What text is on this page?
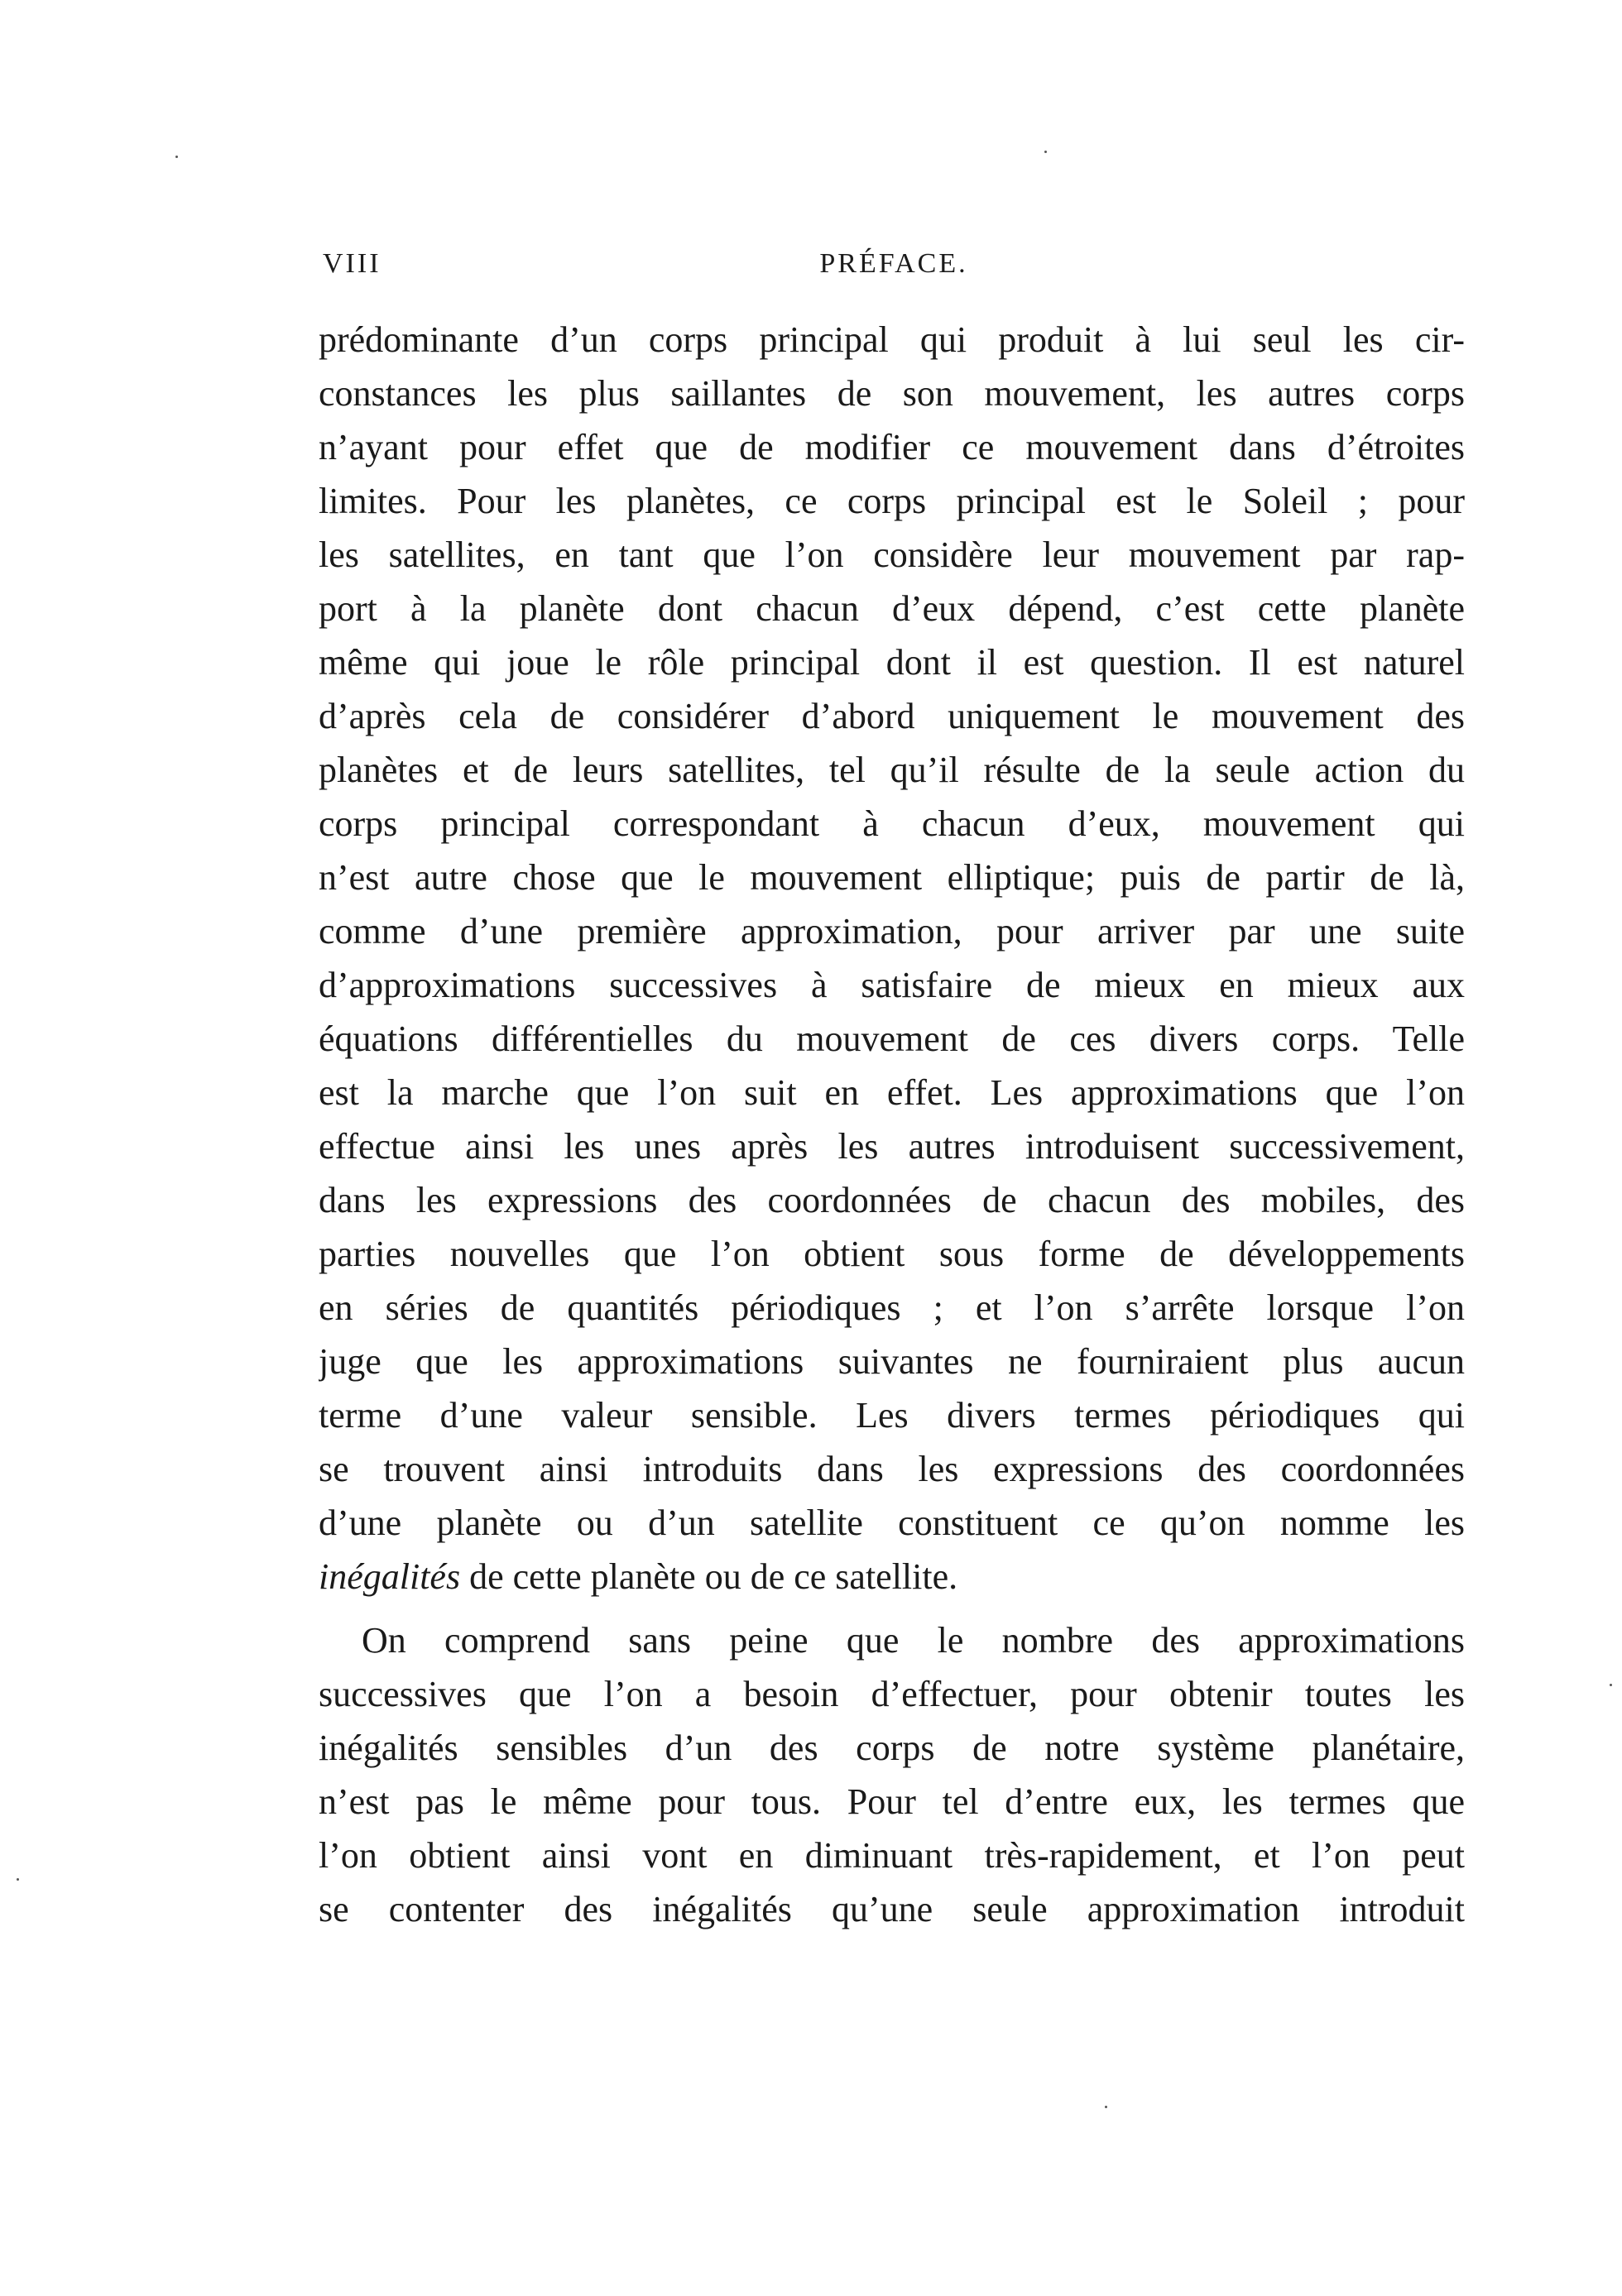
VIII	PRÉFACE.
prédominante d’un corps principal qui produit à lui seul les cir-
constances les plus saillantes de son mouvement, les autres corps
n’ayant pour effet que de modifier ce mouvement dans d’étroites
limites. Pour les planètes, ce corps principal est le Soleil ; pour
les satellites, en tant que l’on considère leur mouvement par rap-
port à la planète dont chacun d’eux dépend, c’est cette planète
même qui joue le rôle principal dont il est question. Il est naturel
d’après cela de considérer d’abord uniquement le mouvement des
planètes et de leurs satellites, tel qu’il résulte de la seule action du
corps principal correspondant à chacun d’eux, mouvement qui
n’est autre chose que le mouvement elliptique; puis de partir de là,
comme d’une première approximation, pour arriver par une suite
d’approximations successives à satisfaire de mieux en mieux aux
équations différentielles du mouvement de ces divers corps. Telle
est la marche que l’on suit en effet. Les approximations que l’on
effectue ainsi les unes après les autres introduisent successivement,
dans les expressions des coordonnées de chacun des mobiles, des
parties nouvelles que l’on obtient sous forme de développements
en séries de quantités périodiques ; et l’on s’arrête lorsque l’on
juge que les approximations suivantes ne fourniraient plus aucun
terme d’une valeur sensible. Les divers termes périodiques qui
se trouvent ainsi introduits dans les expressions des coordonnées
d’une planète ou d’un satellite constituent ce qu’on nomme les
inégalités de cette planète ou de ce satellite.
On comprend sans peine que le nombre des approximations
successives que l’on a besoin d’effectuer, pour obtenir toutes les
inégalités sensibles d’un des corps de notre système planétaire,
n’est pas le même pour tous. Pour tel d’entre eux, les termes que
l’on obtient ainsi vont en diminuant très-rapidement, et l’on peut
se contenter des inégalités qu’une seule approximation introduit
